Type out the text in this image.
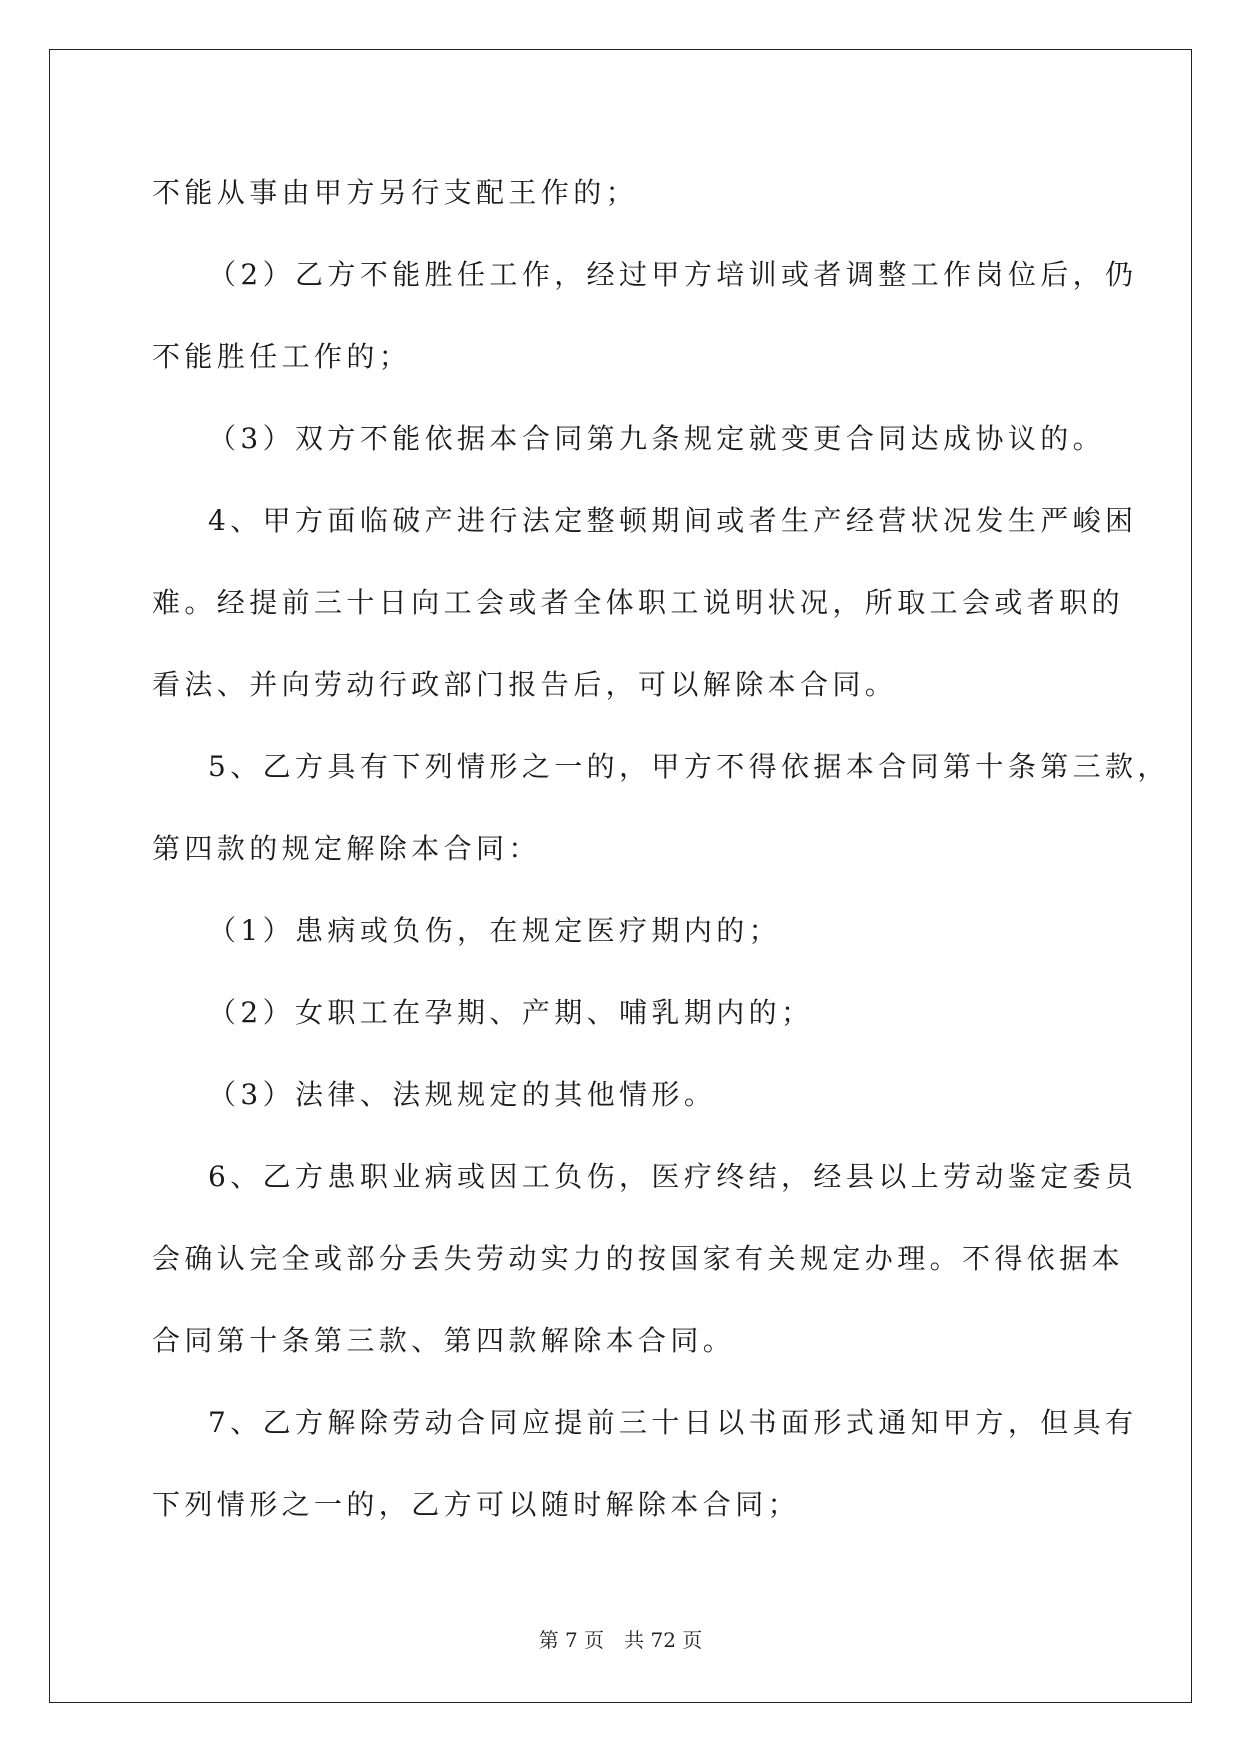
不能从事由甲方另行支配王作的；
（2）乙方不能胜任工作，经过甲方培训或者调整工作岗位后，仍
不能胜任工作的；
（3）双方不能依据本合同第九条规定就变更合同达成协议的。
4、甲方面临破产进行法定整顿期间或者生产经营状况发生严峻困
难。经提前三十日向工会或者全体职工说明状况，所取工会或者职的
看法、并向劳动行政部门报告后，可以解除本合同。
5、乙方具有下列情形之一的，甲方不得依据本合同第十条第三款，
第四款的规定解除本合同：
（1）患病或负伤，在规定医疗期内的；
（2）女职工在孕期、产期、哺乳期内的；
（3）法律、法规规定的其他情形。
6、乙方患职业病或因工负伤，医疗终结，经县以上劳动鉴定委员
会确认完全或部分丢失劳动实力的按国家有关规定办理。不得依据本
合同第十条第三款、第四款解除本合同。
7、乙方解除劳动合同应提前三十日以书面形式通知甲方，但具有
下列情形之一的，乙方可以随时解除本合同；
第 7 页　 共 72 页
